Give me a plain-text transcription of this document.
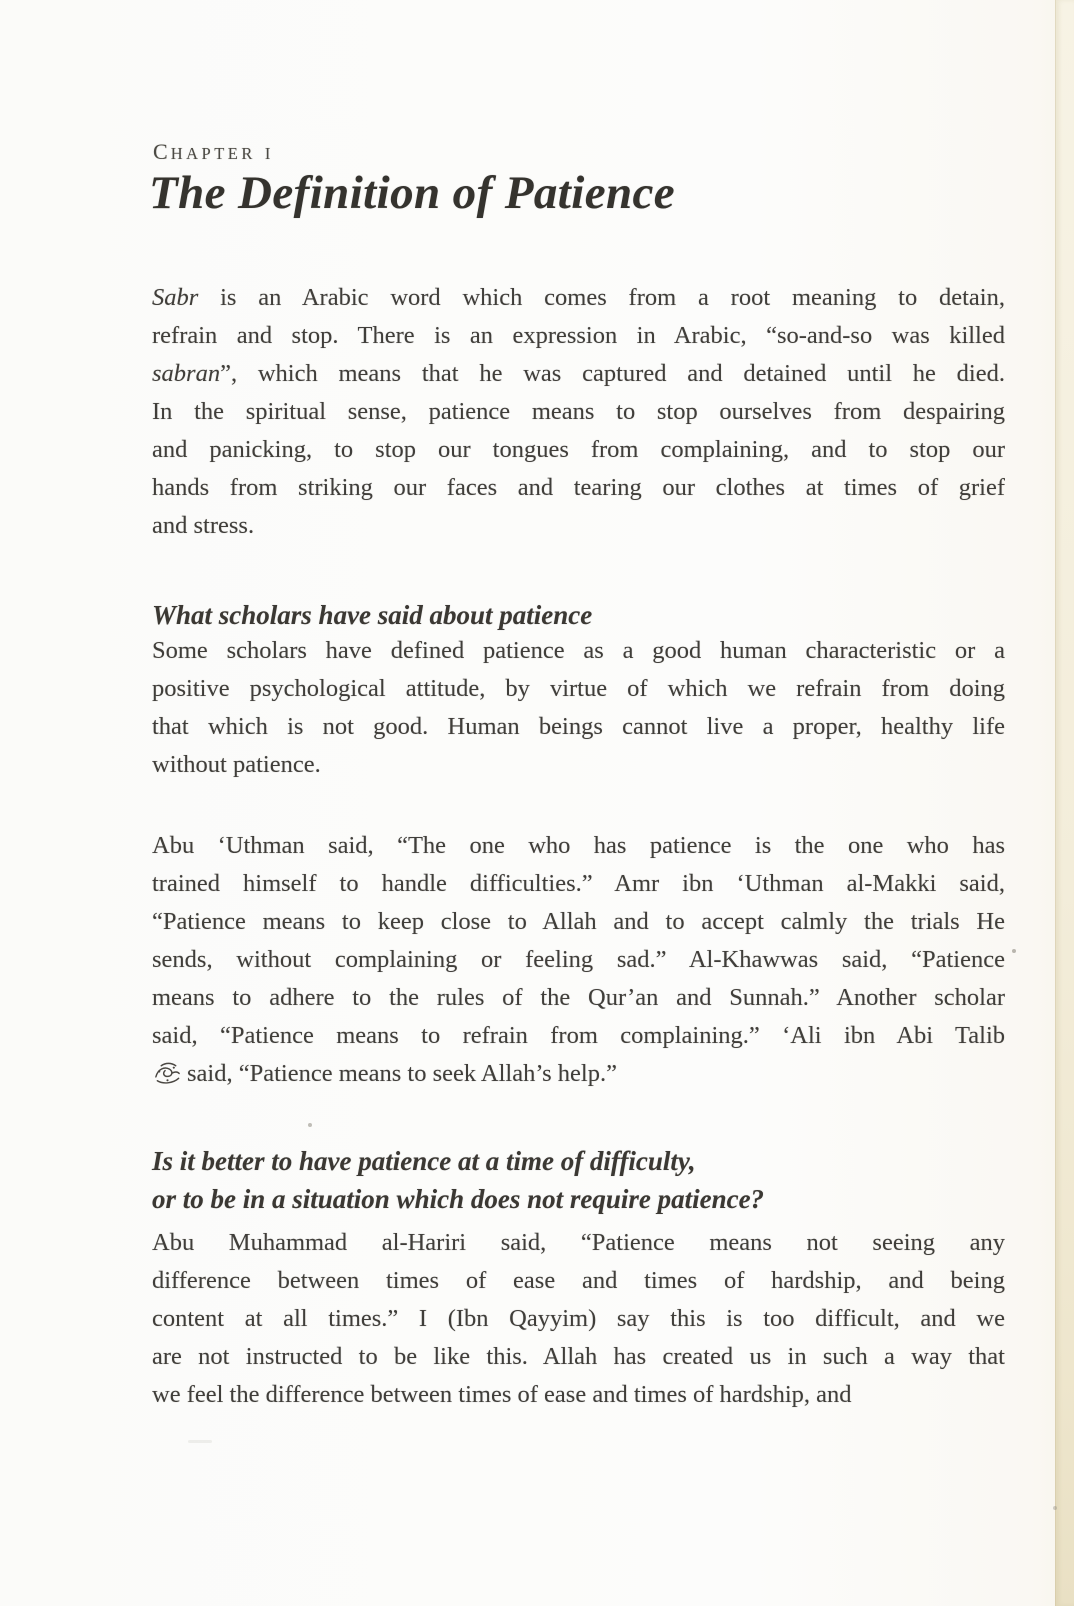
CHAPTER I
The Definition of Patience
Sabr is an Arabic word which comes from a root meaning to detain,
refrain and stop. There is an expression in Arabic, “so-and-so was killed
sabran”, which means that he was captured and detained until he died.
In the spiritual sense, patience means to stop ourselves from despairing
and panicking, to stop our tongues from complaining, and to stop our
hands from striking our faces and tearing our clothes at times of grief
and stress.
What scholars have said about patience
Some scholars have defined patience as a good human characteristic or a
positive psychological attitude, by virtue of which we refrain from doing
that which is not good. Human beings cannot live a proper, healthy life
without patience.
Abu ‘Uthman said, “The one who has patience is the one who has
trained himself to handle difficulties.” Amr ibn ‘Uthman al-Makki said,
“Patience means to keep close to Allah and to accept calmly the trials He
sends, without complaining or feeling sad.” Al-Khawwas said, “Patience
means to adhere to the rules of the Qur’an and Sunnah.” Another scholar
said, “Patience means to refrain from complaining.” ‘Ali ibn Abi Talib
said, “Patience means to seek Allah’s help.”
Is it better to have patience at a time of difficulty,
or to be in a situation which does not require patience?
Abu Muhammad al-Hariri said, “Patience means not seeing any
difference between times of ease and times of hardship, and being
content at all times.” I (Ibn Qayyim) say this is too difficult, and we
are not instructed to be like this. Allah has created us in such a way that
we feel the difference between times of ease and times of hardship, and
